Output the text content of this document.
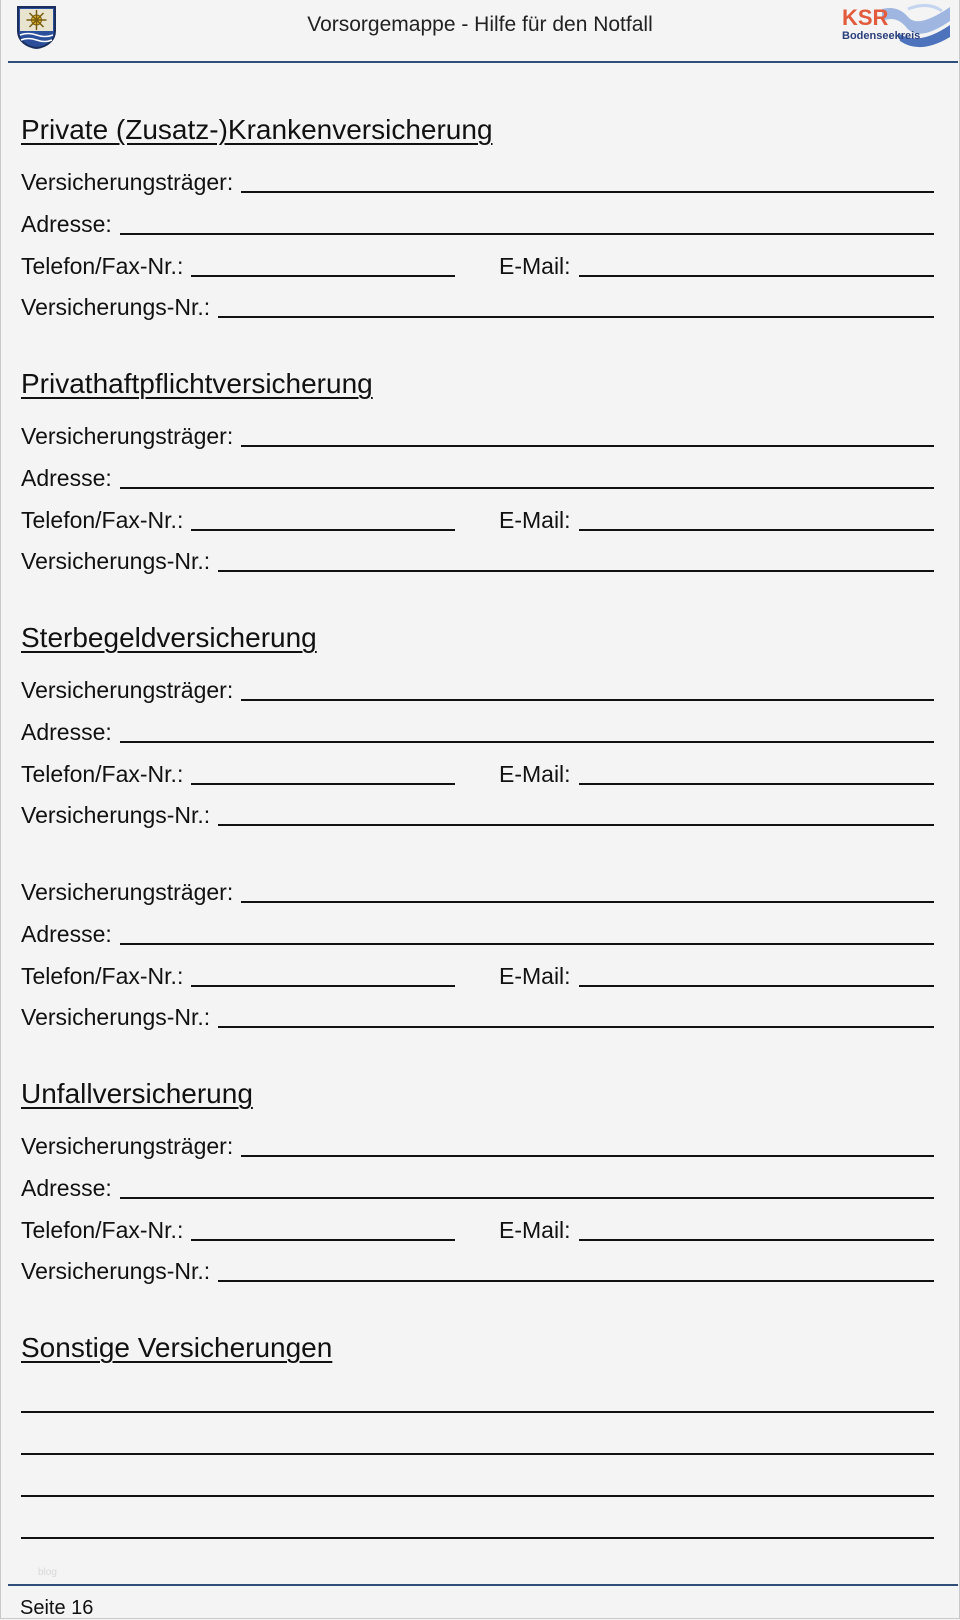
Vorsorgemappe - Hilfe für den Notfall	KSR
Bodenseekreis
Private (Zusatz-)Krankenversicherung
Versicherungsträger:
Adresse:
Telefon/Fax-Nr.:	E-Mail:
Versicherungs-Nr.:
Privathaftpflichtversicherung
Versicherungsträger:
Adresse:
Telefon/Fax-Nr.:	E-Mail:
Versicherungs-Nr.:
Sterbegeldversicherung
Versicherungsträger:
Adresse:
Telefon/Fax-Nr.:	E-Mail:
Versicherungs-Nr.:
Versicherungsträger:
Adresse:
Telefon/Fax-Nr.:	E-Mail:
Versicherungs-Nr.:
Unfallversicherung
Versicherungsträger:
Adresse:
Telefon/Fax-Nr.:	E-Mail:
Versicherungs-Nr.:
Sonstige Versicherungen
blog
Seite 16
